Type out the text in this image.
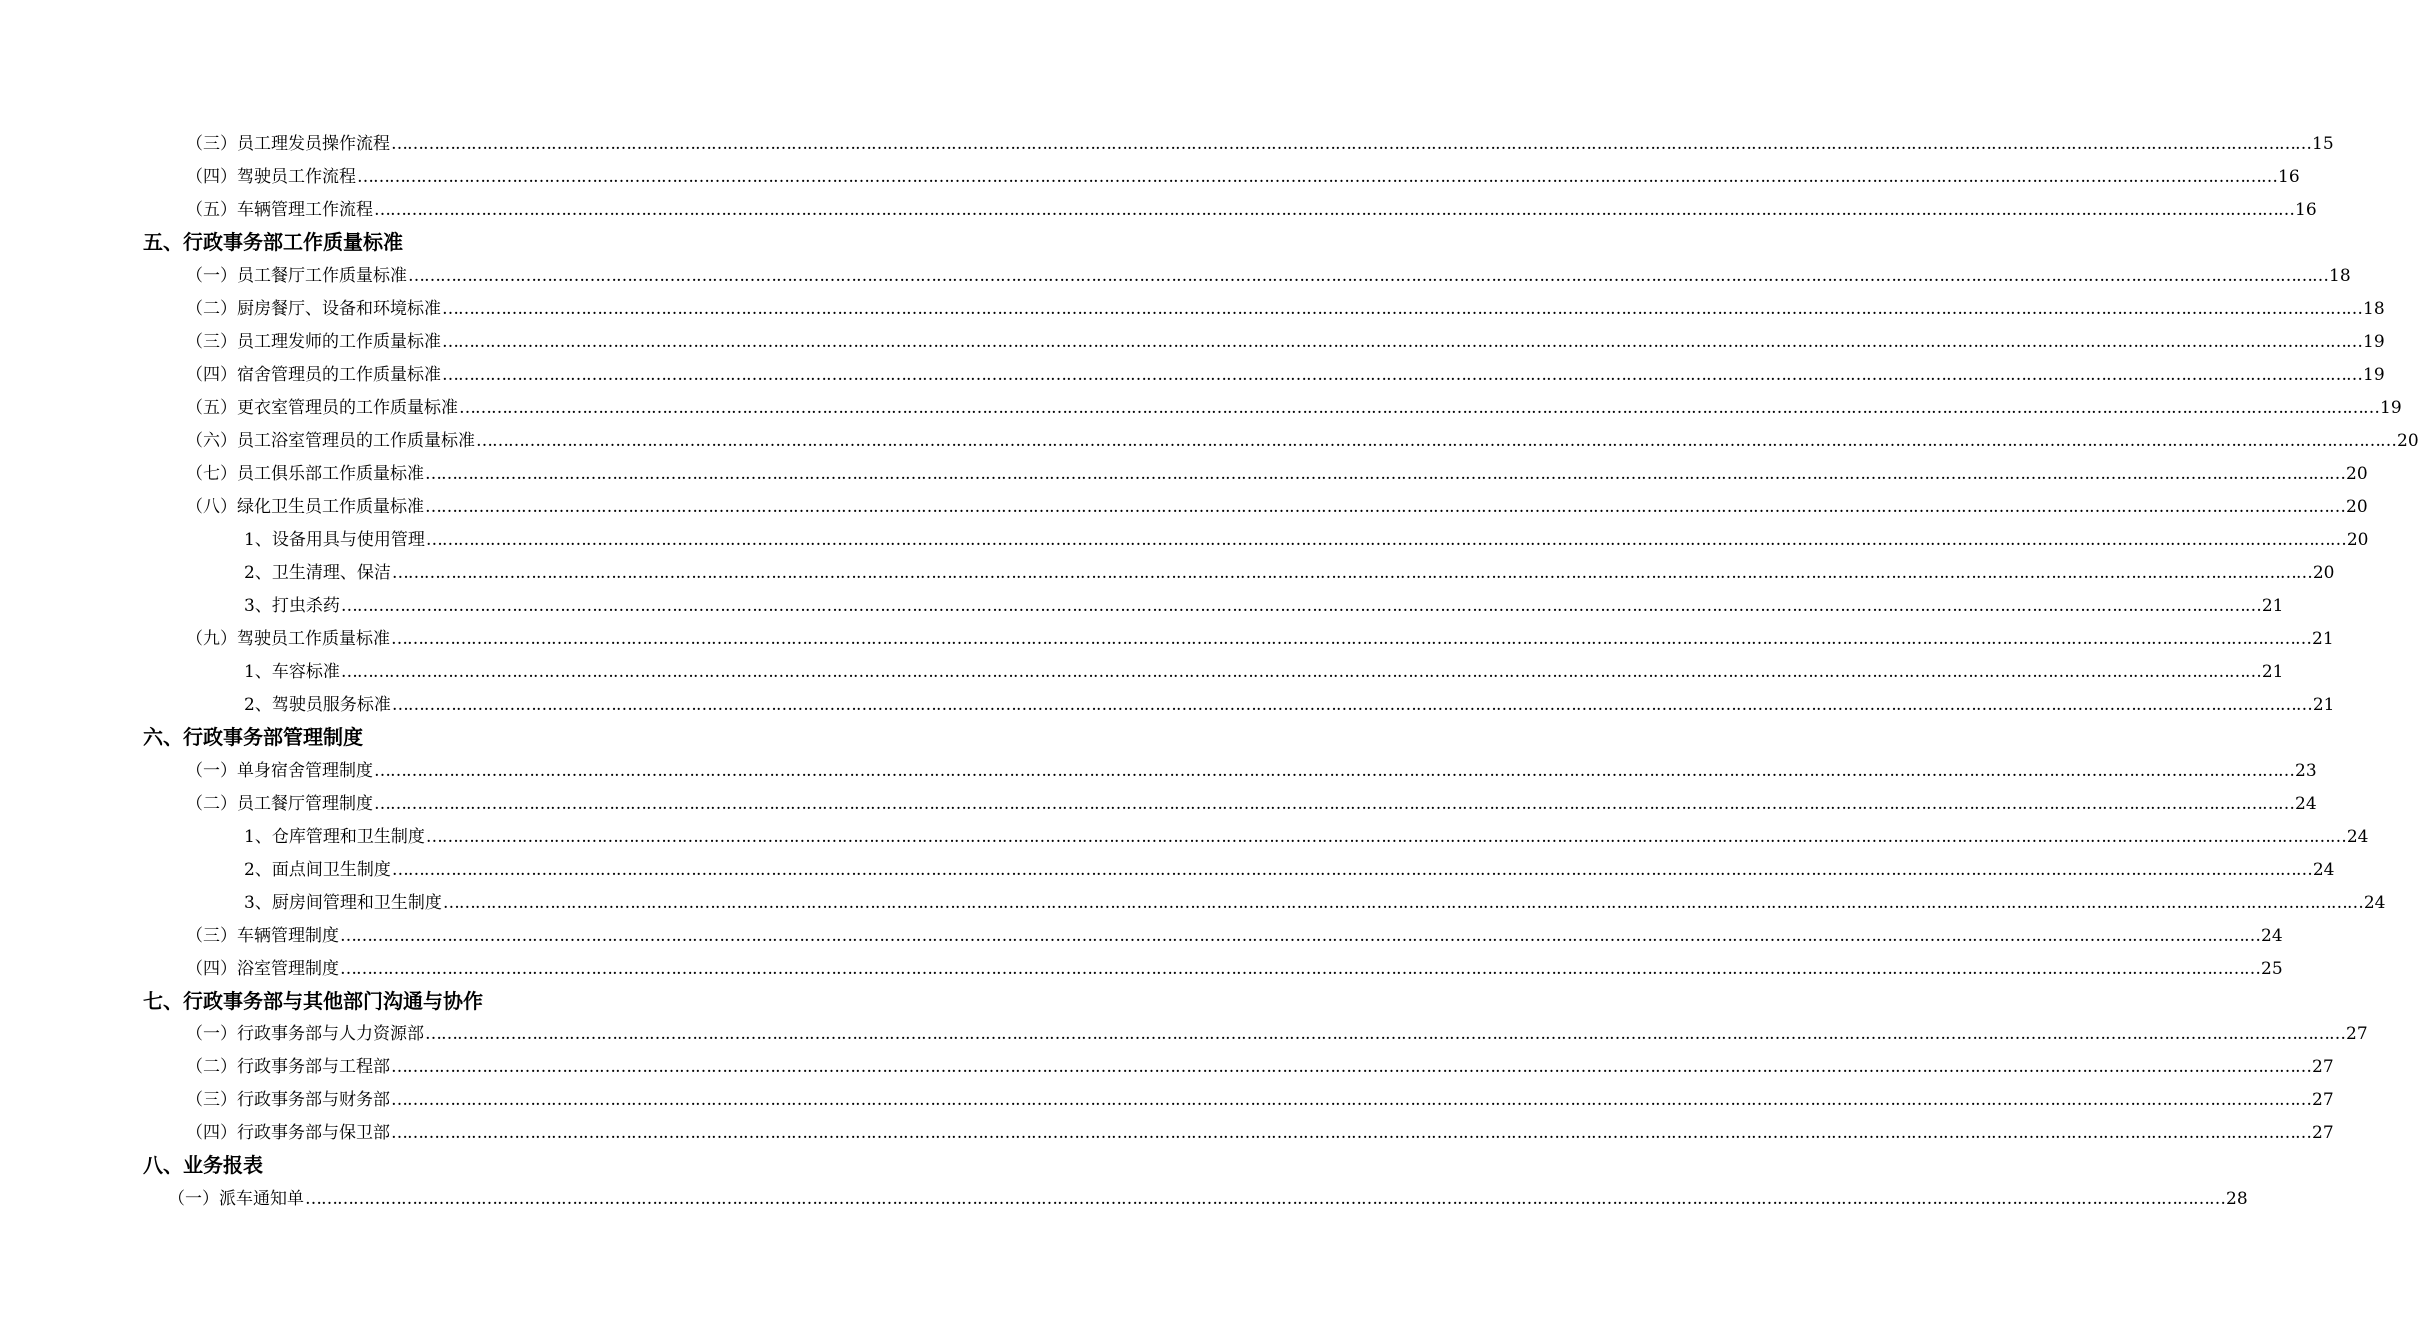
（三）员工理发员操作流程 ……………………………………………………………………………………………………………………………………………………………………………………………………………………………………………………………………………………………………………………………… 15
（四）驾驶员工作流程 ……………………………………………………………………………………………………………………………………………………………………………………………………………………………………………………………………………………………………………………………… 16
（五）车辆管理工作流程 ……………………………………………………………………………………………………………………………………………………………………………………………………………………………………………………………………………………………………………………………… 16
五、行政事务部工作质量标准
（一）员工餐厅工作质量标准 ……………………………………………………………………………………………………………………………………………………………………………………………………………………………………………………………………………………………………………………………… 18
（二）厨房餐厅、设备和环境标准 ……………………………………………………………………………………………………………………………………………………………………………………………………………………………………………………………………………………………………………………………… 18
（三）员工理发师的工作质量标准 ……………………………………………………………………………………………………………………………………………………………………………………………………………………………………………………………………………………………………………………………… 19
（四）宿舍管理员的工作质量标准 ……………………………………………………………………………………………………………………………………………………………………………………………………………………………………………………………………………………………………………………………… 19
（五）更衣室管理员的工作质量标准 ……………………………………………………………………………………………………………………………………………………………………………………………………………………………………………………………………………………………………………………………… 19
（六）员工浴室管理员的工作质量标准 ……………………………………………………………………………………………………………………………………………………………………………………………………………………………………………………………………………………………………………………………… 20
（七）员工俱乐部工作质量标准 ……………………………………………………………………………………………………………………………………………………………………………………………………………………………………………………………………………………………………………………………… 20
（八）绿化卫生员工作质量标准 ……………………………………………………………………………………………………………………………………………………………………………………………………………………………………………………………………………………………………………………………… 20
1、设备用具与使用管理 ……………………………………………………………………………………………………………………………………………………………………………………………………………………………………………………………………………………………………………………………… 20
2、卫生清理、保洁 ……………………………………………………………………………………………………………………………………………………………………………………………………………………………………………………………………………………………………………………………… 20
3、打虫杀药 ……………………………………………………………………………………………………………………………………………………………………………………………………………………………………………………………………………………………………………………………… 21
（九）驾驶员工作质量标准 ……………………………………………………………………………………………………………………………………………………………………………………………………………………………………………………………………………………………………………………………… 21
1、车容标准 ……………………………………………………………………………………………………………………………………………………………………………………………………………………………………………………………………………………………………………………………… 21
2、驾驶员服务标准 ……………………………………………………………………………………………………………………………………………………………………………………………………………………………………………………………………………………………………………………………… 21
六、行政事务部管理制度
（一）单身宿舍管理制度 ……………………………………………………………………………………………………………………………………………………………………………………………………………………………………………………………………………………………………………………………… 23
（二）员工餐厅管理制度 ……………………………………………………………………………………………………………………………………………………………………………………………………………………………………………………………………………………………………………………………… 24
1、仓库管理和卫生制度 ……………………………………………………………………………………………………………………………………………………………………………………………………………………………………………………………………………………………………………………………… 24
2、面点间卫生制度 ……………………………………………………………………………………………………………………………………………………………………………………………………………………………………………………………………………………………………………………………… 24
3、厨房间管理和卫生制度 ……………………………………………………………………………………………………………………………………………………………………………………………………………………………………………………………………………………………………………………………… 24
（三）车辆管理制度 ……………………………………………………………………………………………………………………………………………………………………………………………………………………………………………………………………………………………………………………………… 24
（四）浴室管理制度 ……………………………………………………………………………………………………………………………………………………………………………………………………………………………………………………………………………………………………………………………… 25
七、行政事务部与其他部门沟通与协作
（一）行政事务部与人力资源部 ……………………………………………………………………………………………………………………………………………………………………………………………………………………………………………………………………………………………………………………………… 27
（二）行政事务部与工程部 ……………………………………………………………………………………………………………………………………………………………………………………………………………………………………………………………………………………………………………………………… 27
（三）行政事务部与财务部 ……………………………………………………………………………………………………………………………………………………………………………………………………………………………………………………………………………………………………………………………… 27
（四）行政事务部与保卫部 ……………………………………………………………………………………………………………………………………………………………………………………………………………………………………………………………………………………………………………………………… 27
八、业务报表
（一）派车通知单 ……………………………………………………………………………………………………………………………………………………………………………………………………………………………………………………………………………………………………………………………… 28
